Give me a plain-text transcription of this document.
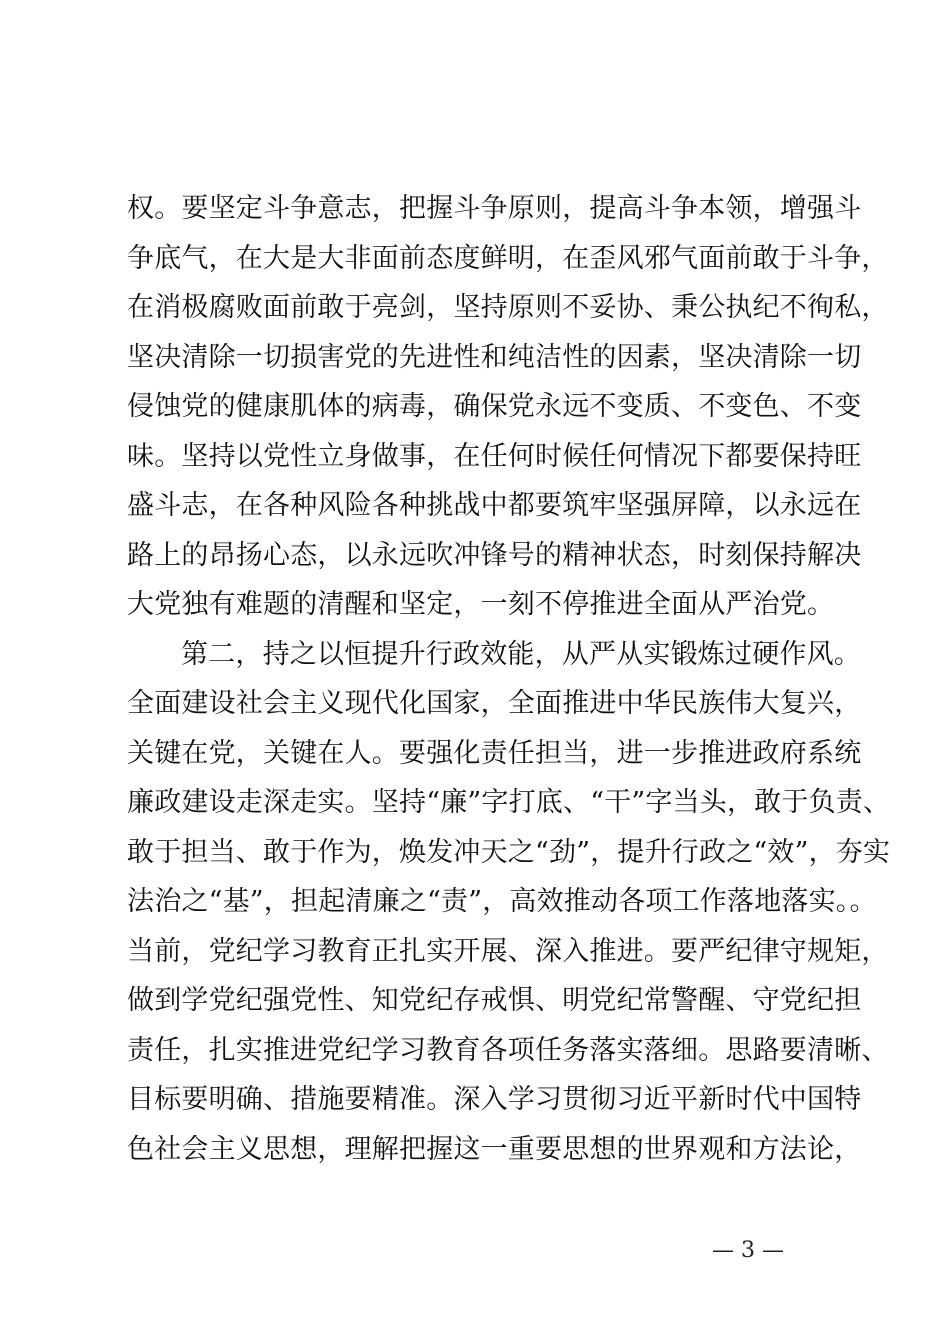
权。要坚定斗争意志，把握斗争原则，提高斗争本领，增强斗
争底气，在大是大非面前态度鲜明，在歪风邪气面前敢于斗争，
在消极腐败面前敢于亮剑，坚持原则不妥协、秉公执纪不徇私，
坚决清除一切损害党的先进性和纯洁性的因素，坚决清除一切
侵蚀党的健康肌体的病毒，确保党永远不变质、不变色、不变
味。坚持以党性立身做事，在任何时候任何情况下都要保持旺
盛斗志，在各种风险各种挑战中都要筑牢坚强屏障，以永远在
路上的昂扬心态，以永远吹冲锋号的精神状态，时刻保持解决
大党独有难题的清醒和坚定，一刻不停推进全面从严治党。
第二，持之以恒提升行政效能，从严从实锻炼过硬作风。
全面建设社会主义现代化国家，全面推进中华民族伟大复兴，
关键在党，关键在人。要强化责任担当，进一步推进政府系统
廉政建设走深走实。坚持“廉”字打底、“干”字当头，敢于负责、
敢于担当、敢于作为，焕发冲天之“劲”，提升行政之“效”，夯实
法治之“基”，担起清廉之“责”，高效推动各项工作落地落实。。
当前，党纪学习教育正扎实开展、深入推进。要严纪律守规矩，
做到学党纪强党性、知党纪存戒惧、明党纪常警醒、守党纪担
责任，扎实推进党纪学习教育各项任务落实落细。思路要清晰、
目标要明确、措施要精准。深入学习贯彻习近平新时代中国特
色社会主义思想，理解把握这一重要思想的世界观和方法论，
— 3 —
